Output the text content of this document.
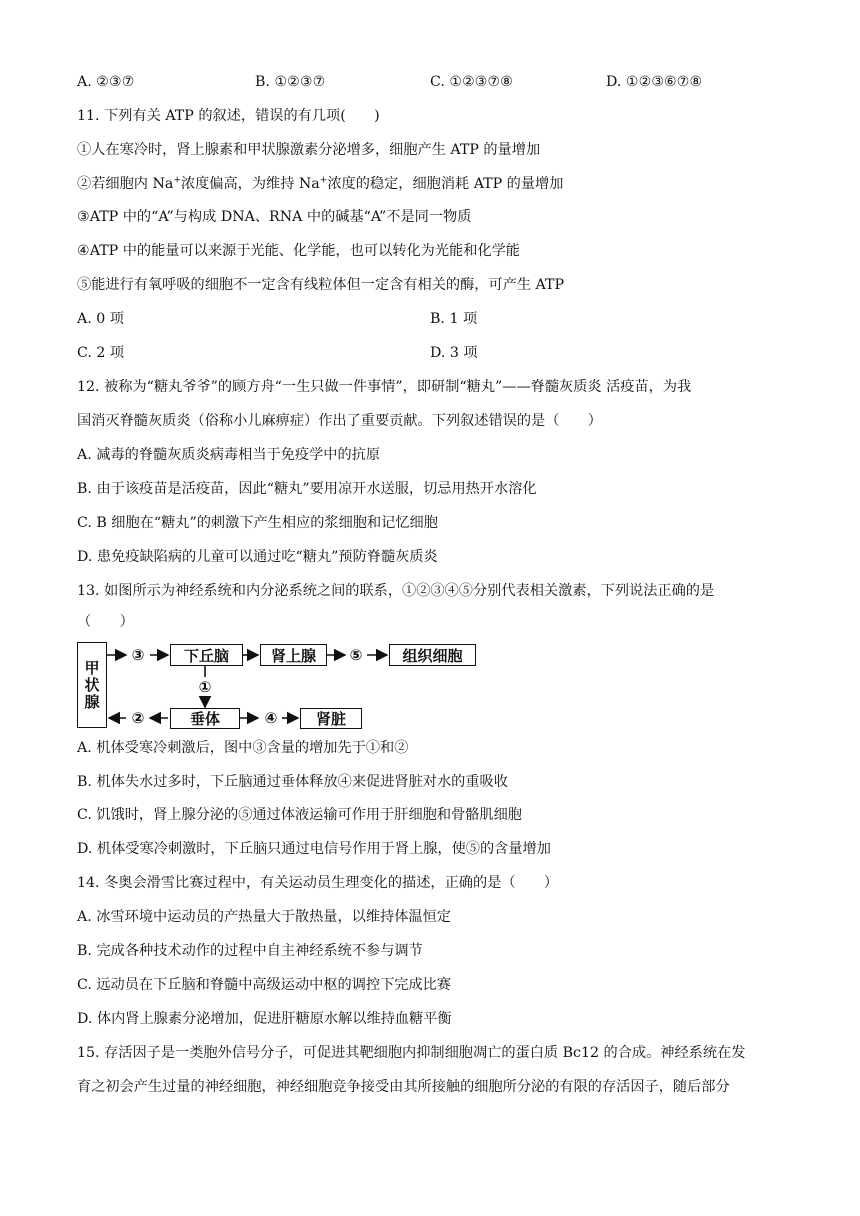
A. ②③⑦	B. ①②③⑦	C. ①②③⑦⑧	D. ①②③⑥⑦⑧
11. 下列有关 ATP 的叙述，错误的有几项(　　)
①人在寒冷时，肾上腺素和甲状腺激素分泌增多，细胞产生 ATP 的量增加
②若细胞内 Na+浓度偏高，为维持 Na+浓度的稳定，细胞消耗 ATP 的量增加
③ATP 中的“A”与构成 DNA、RNA 中的碱基“A”不是同一物质
④ATP 中的能量可以来源于光能、化学能，也可以转化为光能和化学能
⑤能进行有氧呼吸的细胞不一定含有线粒体但一定含有相关的酶，可产生 ATP
A. 0 项	B. 1 项
C. 2 项	D. 3 项
12. 被称为“糖丸爷爷”的顾方舟“一生只做一件事情”，即研制“糖丸”——脊髓灰质炎 活疫苗，为我
国消灭脊髓灰质炎（俗称小儿麻痹症）作出了重要贡献。下列叙述错误的是（　　）
A. 减毒的脊髓灰质炎病毒相当于免疫学中的抗原
B. 由于该疫苗是活疫苗，因此“糖丸”要用凉开水送服，切忌用热开水溶化
C. B 细胞在“糖丸”的刺激下产生相应的浆细胞和记忆细胞
D. 患免疫缺陷病的儿童可以通过吃“糖丸”预防脊髓灰质炎
13. 如图所示为神经系统和内分泌系统之间的联系，①②③④⑤分别代表相关激素，下列说法正确的是
（　　）
甲状腺
下丘脑	肾上腺	组织细胞
垂体	肾脏
③	⑤
①
②	④
A. 机体受寒冷刺激后，图中③含量的增加先于①和②
B. 机体失水过多时，下丘脑通过垂体释放④来促进肾脏对水的重吸收
C. 饥饿时，肾上腺分泌的⑤通过体液运输可作用于肝细胞和骨骼肌细胞
D. 机体受寒冷刺激时，下丘脑只通过电信号作用于肾上腺，使⑤的含量增加
14. 冬奥会滑雪比赛过程中，有关运动员生理变化的描述，正确的是（　　）
A. 冰雪环境中运动员的产热量大于散热量，以维持体温恒定
B. 完成各种技术动作的过程中自主神经系统不参与调节
C. 远动员在下丘脑和脊髓中高级运动中枢的调控下完成比赛
D. 体内肾上腺素分泌增加，促进肝糖原水解以维持血糖平衡
15. 存活因子是一类胞外信号分子，可促进其靶细胞内抑制细胞凋亡的蛋白质 Bc12 的合成。神经系统在发
育之初会产生过量的神经细胞，神经细胞竞争接受由其所接触的细胞所分泌的有限的存活因子，随后部分
